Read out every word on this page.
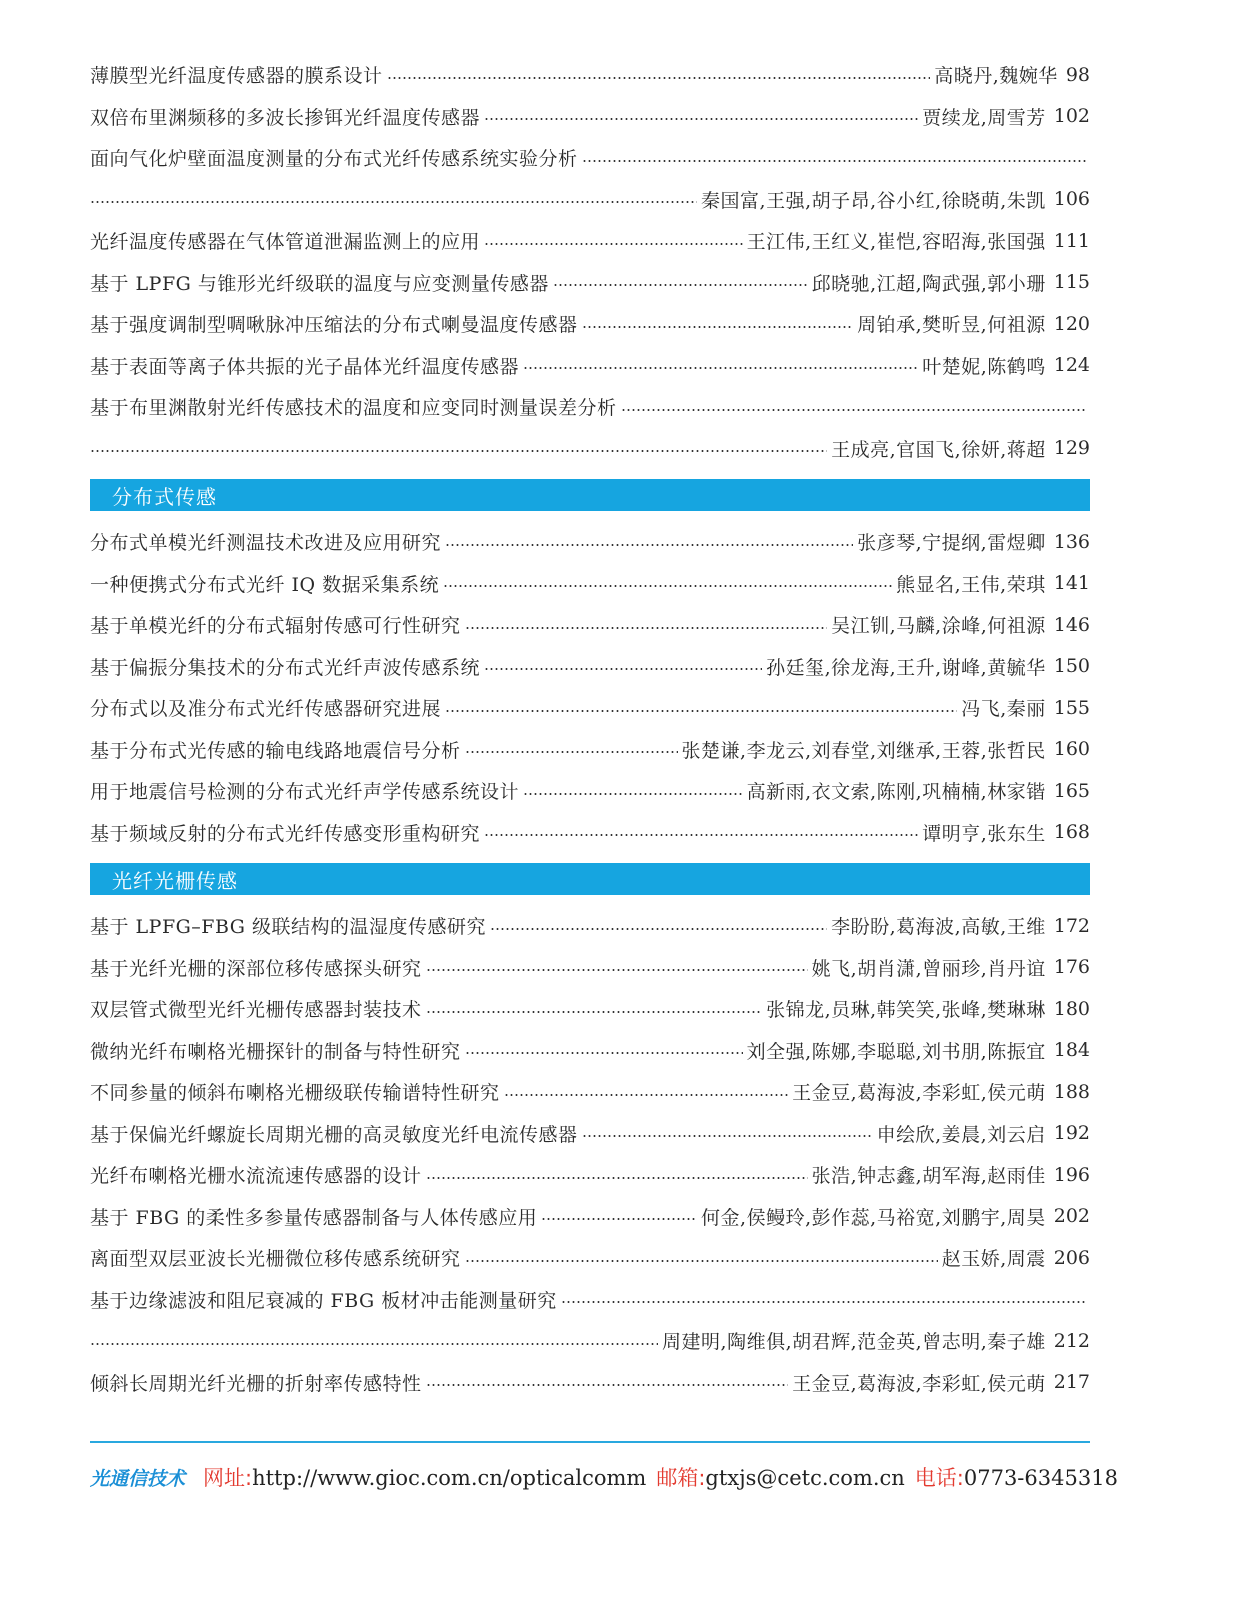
薄膜型光纤温度传感器的膜系设计	高晓丹,魏婉华 98
双倍布里渊频移的多波长掺铒光纤温度传感器	贾续龙,周雪芳 102
面向气化炉壁面温度测量的分布式光纤传感系统实验分析
秦国富,王强,胡子昂,谷小红,徐晓萌,朱凯 106
光纤温度传感器在气体管道泄漏监测上的应用	王江伟,王红义,崔恺,容昭海,张国强 111
基于 LPFG 与锥形光纤级联的温度与应变测量传感器	邱晓驰,江超,陶武强,郭小珊 115
基于强度调制型啁啾脉冲压缩法的分布式喇曼温度传感器	周铂承,樊昕昱,何祖源 120
基于表面等离子体共振的光子晶体光纤温度传感器	叶楚妮,陈鹤鸣 124
基于布里渊散射光纤传感技术的温度和应变同时测量误差分析
王成亮,官国飞,徐妍,蒋超 129
分布式传感
分布式单模光纤测温技术改进及应用研究	张彦琴,宁提纲,雷煜卿 136
一种便携式分布式光纤 IQ 数据采集系统	熊显名,王伟,荣琪 141
基于单模光纤的分布式辐射传感可行性研究	吴江钏,马麟,涂峰,何祖源 146
基于偏振分集技术的分布式光纤声波传感系统	孙廷玺,徐龙海,王升,谢峰,黄毓华 150
分布式以及准分布式光纤传感器研究进展	冯飞,秦丽 155
基于分布式光传感的输电线路地震信号分析	张楚谦,李龙云,刘春堂,刘继承,王蓉,张哲民 160
用于地震信号检测的分布式光纤声学传感系统设计	高新雨,衣文索,陈刚,巩楠楠,林家锴 165
基于频域反射的分布式光纤传感变形重构研究	谭明亨,张东生 168
光纤光栅传感
基于 LPFG–FBG 级联结构的温湿度传感研究	李盼盼,葛海波,高敏,王维 172
基于光纤光栅的深部位移传感探头研究	姚飞,胡肖潇,曾丽珍,肖丹谊 176
双层管式微型光纤光栅传感器封装技术	张锦龙,员琳,韩笑笑,张峰,樊琳琳 180
微纳光纤布喇格光栅探针的制备与特性研究	刘全强,陈娜,李聪聪,刘书朋,陈振宜 184
不同参量的倾斜布喇格光栅级联传输谱特性研究	王金豆,葛海波,李彩虹,侯元萌 188
基于保偏光纤螺旋长周期光栅的高灵敏度光纤电流传感器	申绘欣,姜晨,刘云启 192
光纤布喇格光栅水流流速传感器的设计	张浩,钟志鑫,胡军海,赵雨佳 196
基于 FBG 的柔性多参量传感器制备与人体传感应用	何金,侯鳗玲,彭作蕊,马裕宽,刘鹏宇,周昊 202
离面型双层亚波长光栅微位移传感系统研究	赵玉娇,周震 206
基于边缘滤波和阻尼衰减的 FBG 板材冲击能测量研究
周建明,陶维俱,胡君辉,范金英,曾志明,秦子雄 212
倾斜长周期光纤光栅的折射率传感特性	王金豆,葛海波,李彩虹,侯元萌 217
光通信技术 网址: http://www.gioc.com.cn/opticalcomm 邮箱: gtxjs@cetc.com.cn 电话: 0773-6345318
